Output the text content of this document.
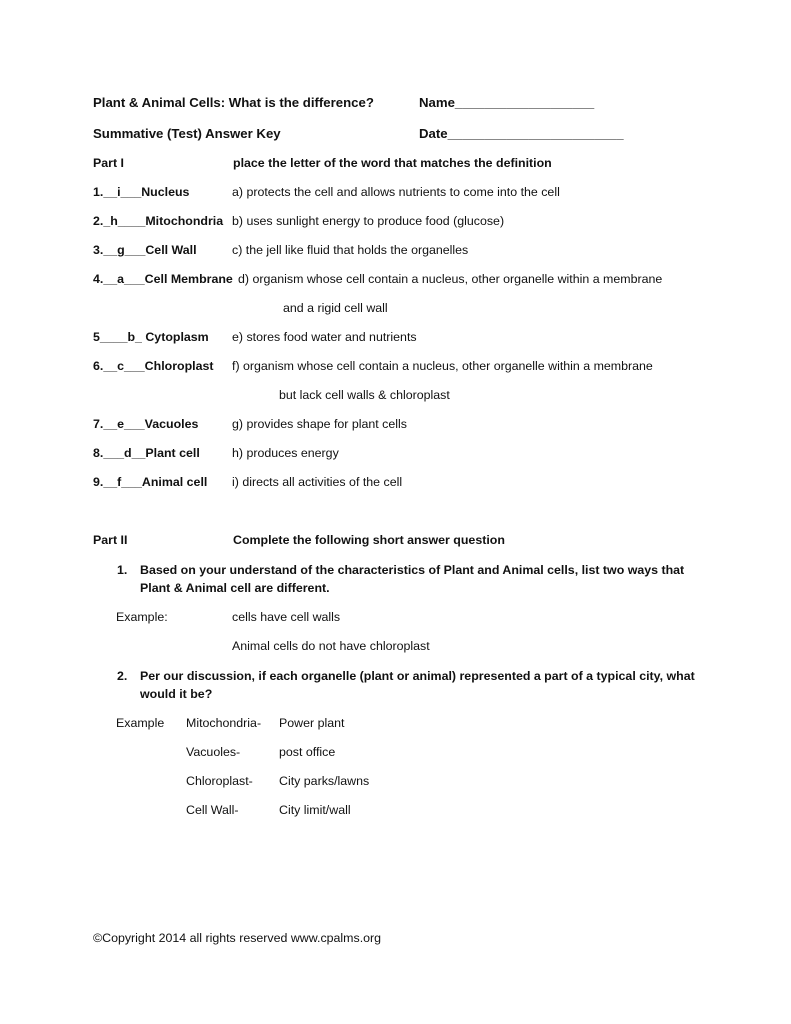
Plant & Animal Cells: What is the difference?	Name___________________
Summative (Test) Answer Key	Date________________________
Part I	place the letter of the word that matches the definition
1.__i___Nucleus	a) protects the cell and allows nutrients to come into the cell
2._h____Mitochondria b) uses sunlight energy to produce food (glucose)
3.__g___Cell Wall	c) the jell like fluid that holds the organelles
4.__a___Cell Membrane d) organism whose cell contain a nucleus, other organelle within a membrane
and a rigid cell wall
5____b_ Cytoplasm e) stores food water and nutrients
6.__c___Chloroplast f) organism whose cell contain a nucleus, other organelle within a membrane
but lack cell walls & chloroplast
7.__e___Vacuoles	g) provides shape for plant cells
8.___d__Plant cell	h) produces energy
9.__f___Animal cell i) directs all activities of the cell
Part II	Complete the following short answer question
1. Based on your understand of the characteristics of Plant and Animal cells, list two ways that
Plant & Animal cell are different.
Example:	cells have cell walls
Animal cells do not have chloroplast
2. Per our discussion, if each organelle (plant or animal) represented a part of a typical city, what
would it be?
Example Mitochondria- Power plant
Vacuoles-	post office
Chloroplast- City parks/lawns
Cell Wall-	City limit/wall
©Copyright 2014 all rights reserved www.cpalms.org
